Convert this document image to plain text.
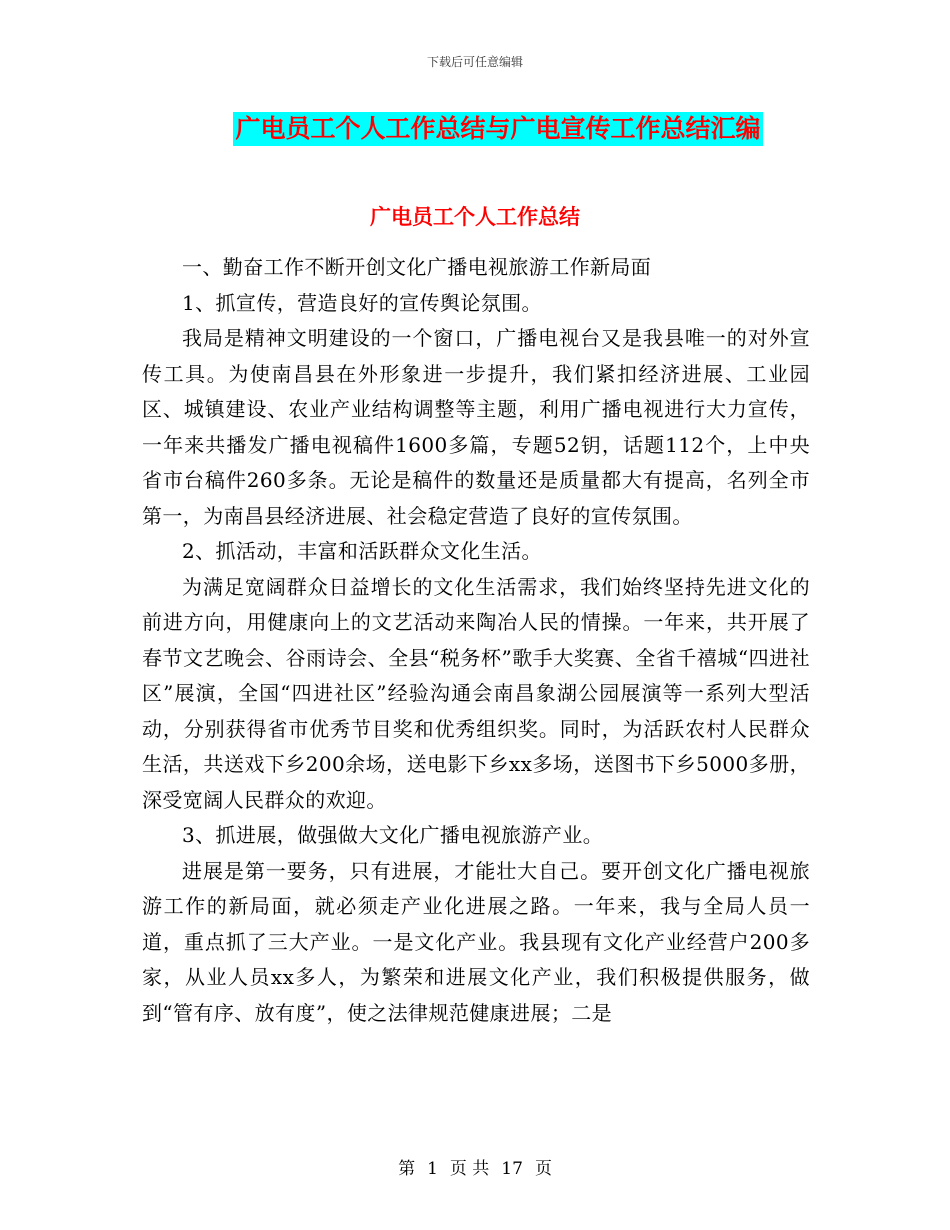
下载后可任意编辑
广电员工个人工作总结与广电宣传工作总结汇编
广电员工个人工作总结

一、勤奋工作不断开创文化广播电视旅游工作新局面

1、抓宣传，营造良好的宣传舆论氛围。

我局是精神文明建设的一个窗口，广播电视台又是我县唯一的对外宣传工具。为使南昌县在外形象进一步提升，我们紧扣经济进展、工业园区、城镇建设、农业产业结构调整等主题，利用广播电视进行大力宣传，一年来共播发广播电视稿件1600多篇，专题52钥，话题112个，上中央省市台稿件260多条。无论是稿件的数量还是质量都大有提高，名列全市第一，为南昌县经济进展、社会稳定营造了良好的宣传氛围。

2、抓活动，丰富和活跃群众文化生活。

为满足宽阔群众日益增长的文化生活需求，我们始终坚持先进文化的前进方向，用健康向上的文艺活动来陶冶人民的情操。一年来，共开展了春节文艺晚会、谷雨诗会、全县“税务杯”歌手大奖赛、全省千禧城“四进社区”展演，全国“四进社区”经验沟通会南昌象湖公园展演等一系列大型活动，分别获得省市优秀节目奖和优秀组织奖。同时，为活跃农村人民群众生活，共送戏下乡200余场，送电影下乡xx多场，送图书下乡5000多册，深受宽阔人民群众的欢迎。

3、抓进展，做强做大文化广播电视旅游产业。

进展是第一要务，只有进展，才能壮大自己。要开创文化广播电视旅游工作的新局面，就必须走产业化进展之路。一年来，我与全局人员一道，重点抓了三大产业。一是文化产业。我县现有文化产业经营户200多家，从业人员xx多人，为繁荣和进展文化产业，我们积极提供服务，做到“管有序、放有度”，使之法律规范健康进展；二是

第 1 页 共 17 页
